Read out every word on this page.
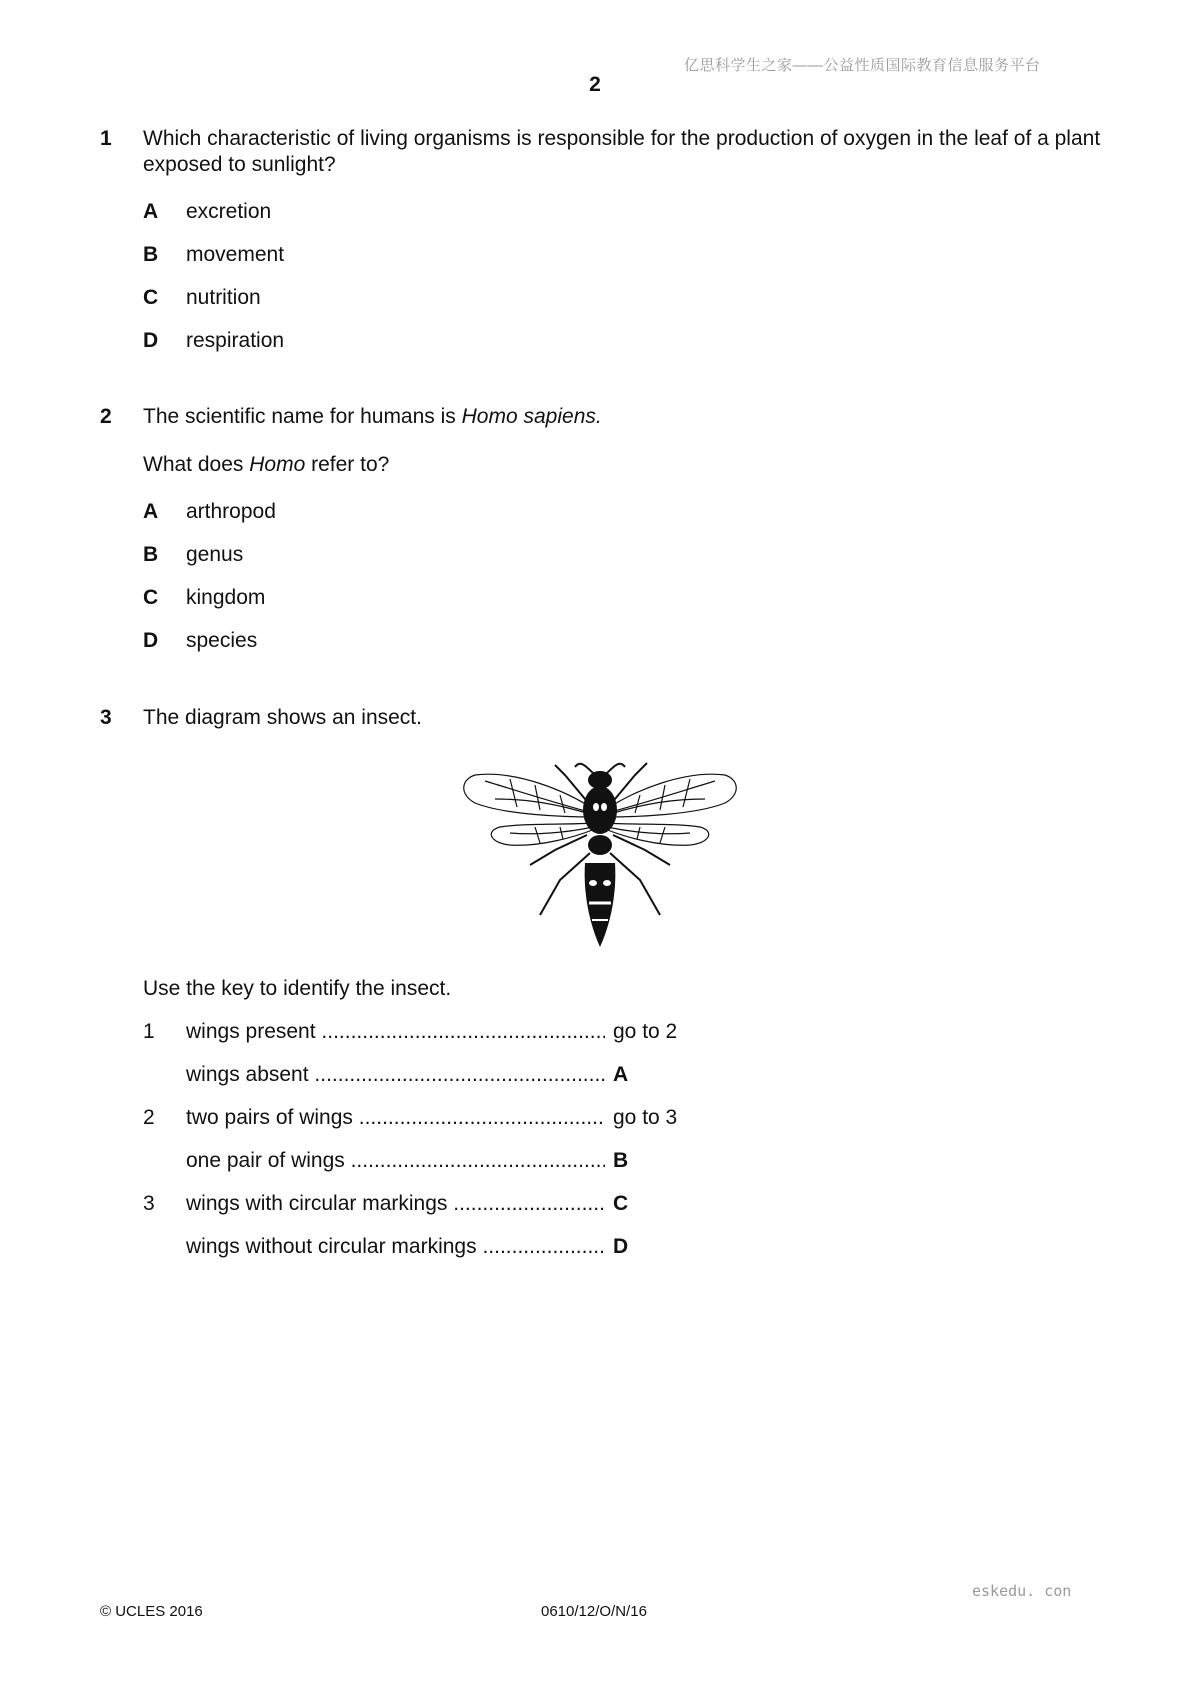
亿思科学生之家——公益性质国际教育信息服务平台
2
1 Which characteristic of living organisms is responsible for the production of oxygen in the leaf of a plant exposed to sunlight?
A excretion
B movement
C nutrition
D respiration
2 The scientific name for humans is Homo sapiens.
What does Homo refer to?
A arthropod
B genus
C kingdom
D species
3 The diagram shows an insect.
Use the key to identify the insect.
1 wings present .....	go to 2
wings absent .....	A
2 two pairs of wings .....	go to 3
one pair of wings .....	B
3 wings with circular markings .....	C
wings without circular markings .....	D
eskedu. con
© UCLES 2016	0610/12/O/N/16
